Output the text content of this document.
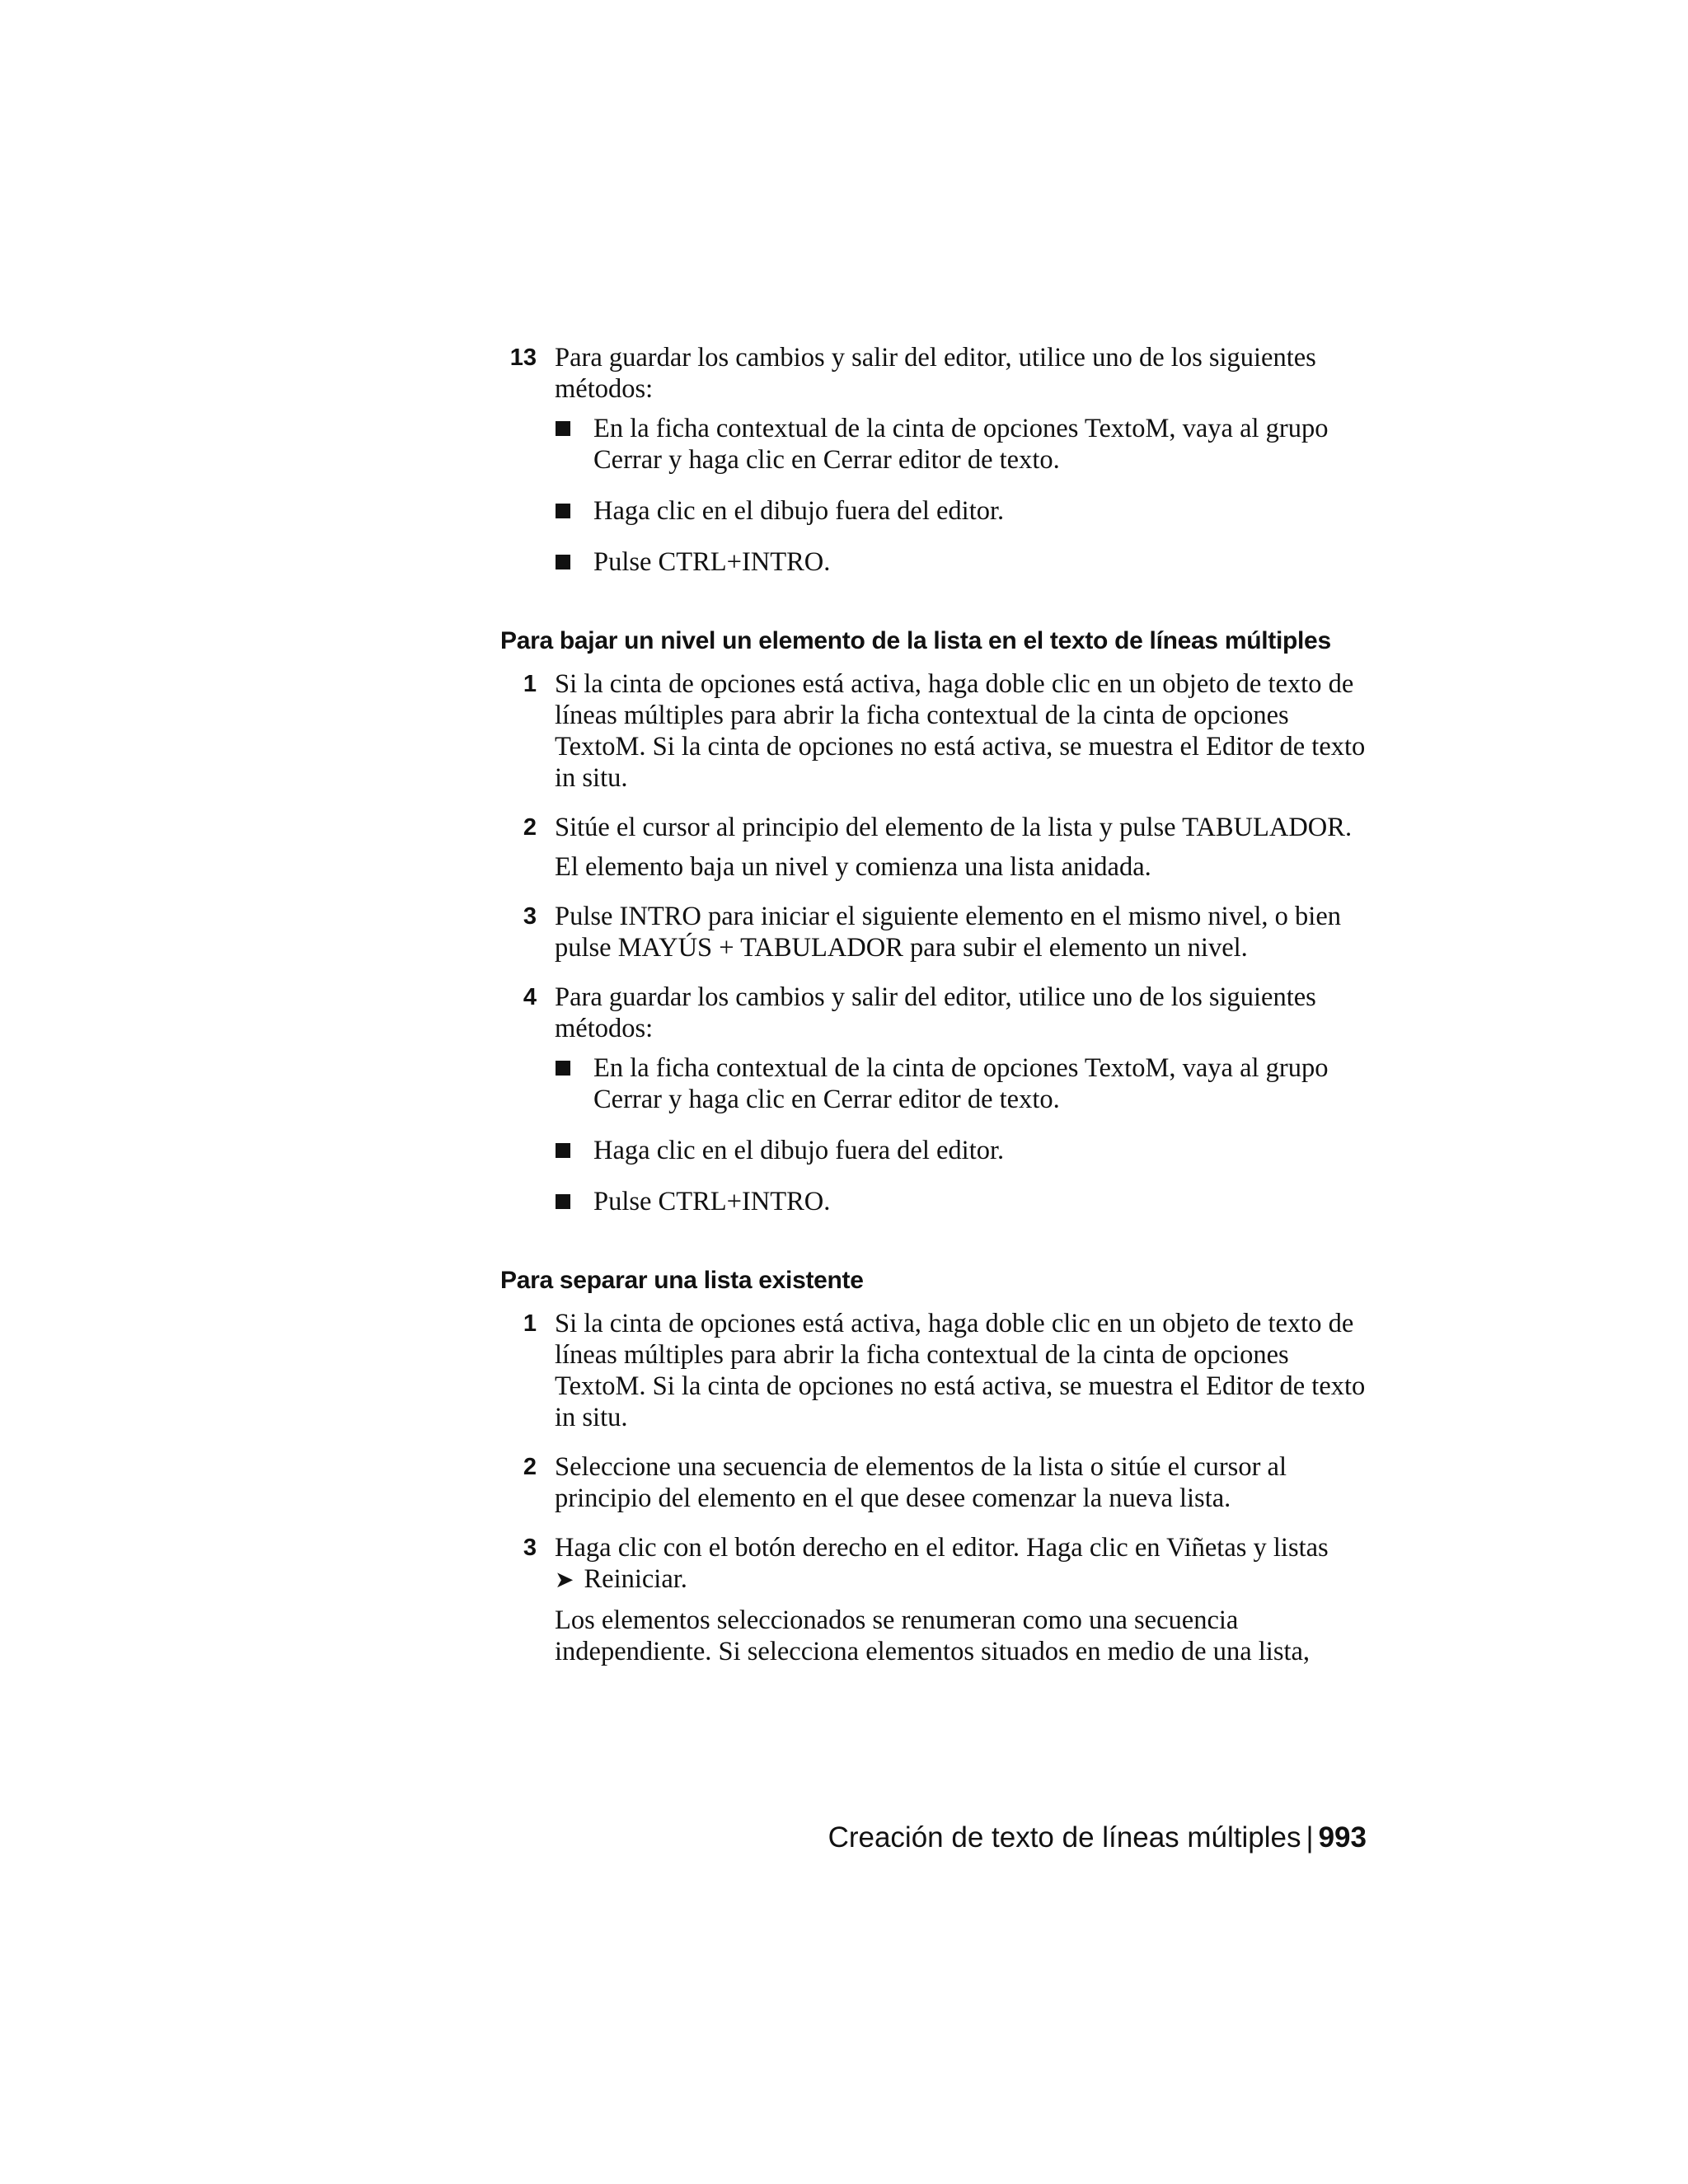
13 Para guardar los cambios y salir del editor, utilice uno de los siguientes métodos:

En la ficha contextual de la cinta de opciones TextoM, vaya al grupo Cerrar y haga clic en Cerrar editor de texto.
Haga clic en el dibujo fuera del editor.
Pulse CTRL+INTRO.
Para bajar un nivel un elemento de la lista en el texto de líneas múltiples
1 Si la cinta de opciones está activa, haga doble clic en un objeto de texto de líneas múltiples para abrir la ficha contextual de la cinta de opciones TextoM. Si la cinta de opciones no está activa, se muestra el Editor de texto in situ.

2 Sitúe el cursor al principio del elemento de la lista y pulse TABULADOR.

El elemento baja un nivel y comienza una lista anidada.

3 Pulse INTRO para iniciar el siguiente elemento en el mismo nivel, o bien pulse MAYÚS + TABULADOR para subir el elemento un nivel.

4 Para guardar los cambios y salir del editor, utilice uno de los siguientes métodos:

En la ficha contextual de la cinta de opciones TextoM, vaya al grupo Cerrar y haga clic en Cerrar editor de texto.
Haga clic en el dibujo fuera del editor.
Pulse CTRL+INTRO.
Para separar una lista existente
1 Si la cinta de opciones está activa, haga doble clic en un objeto de texto de líneas múltiples para abrir la ficha contextual de la cinta de opciones TextoM. Si la cinta de opciones no está activa, se muestra el Editor de texto in situ.

2 Seleccione una secuencia de elementos de la lista o sitúe el cursor al principio del elemento en el que desee comenzar la nueva lista.

3 Haga clic con el botón derecho en el editor. Haga clic en Viñetas y listas
➤ Reiniciar.

Los elementos seleccionados se renumeran como una secuencia independiente. Si selecciona elementos situados en medio de una lista,

Creación de texto de líneas múltiples | 993
